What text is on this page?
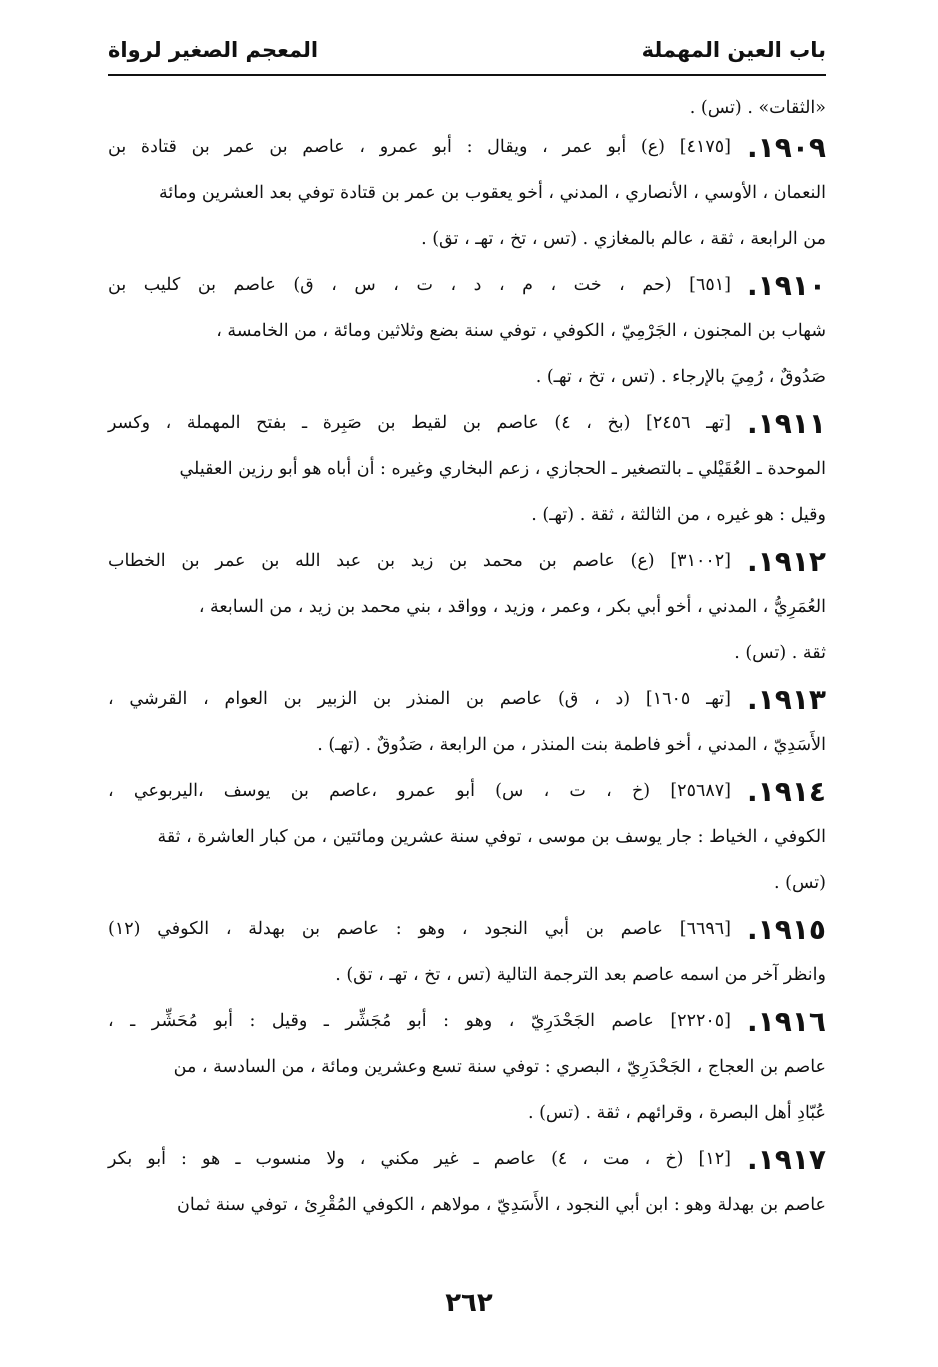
باب العين المهملة
المعجم الصغير لرواة
«الثقات» . (تس) .
١٩٠٩.
[٤١٧٥] (ع) أبو عمر ، ويقال : أبو عمرو ، عاصم بن عمر بن قتادة بن
النعمان ، الأوسي ، الأنصاري ، المدني ، أخو يعقوب بن عمر بن قتادة توفي بعد العشرين ومائة
من الرابعة ، ثقة ، عالم بالمغازي . (تس ، تخ ، تهـ ، تق) .
١٩١٠.
[٦٥١] (حم ، خت ، م ، د ، ت ، س ، ق) عاصم بن كليب بن
شهاب بن المجنون ، الجَرْمِيّ ، الكوفي ، توفي سنة بضع وثلاثين ومائة ، من الخامسة ،
صَدُوقٌ ، رُمِيَ بالإرجاء . (تس ، تخ ، تهـ) .
١٩١١.
[تهـ ٢٤٥٦] (بخ ، ٤) عاصم بن لقيط بن صَبِرة ـ بفتح المهملة ، وكسر
الموحدة ـ العُقَيْلي ـ بالتصغير ـ الحجازي ، زعم البخاري وغيره : أن أباه هو أبو رزين العقيلي
وقيل : هو غيره ، من الثالثة ، ثقة . (تهـ) .
١٩١٢.
[٣١٠٠٢] (ع) عاصم بن محمد بن زيد بن عبد الله بن عمر بن الخطاب
العُمَرِيُّ ، المدني ، أخو أبي بكر ، وعمر ، وزيد ، وواقد ، بني محمد بن زيد ، من السابعة ،
ثقة . (تس) .
١٩١٣.
[تهـ ١٦٠٥] (د ، ق) عاصم بن المنذر بن الزبير بن العوام ، القرشي ،
الأَسَدِيّ ، المدني ، أخو فاطمة بنت المنذر ، من الرابعة ، صَدُوقٌ . (تهـ) .
١٩١٤.
[٢٥٦٨٧] (خ ، ت ، س) أبو عمرو ،عاصم بن يوسف ،اليربوعي ،
الكوفي ، الخياط : جار يوسف بن موسى ، توفي سنة عشرين ومائتين ، من كبار العاشرة ، ثقة
(تس) .
١٩١٥.
[٦٦٩٦] عاصم بن أبي النجود ، وهو : عاصم بن بهدلة ، الكوفي (١٢)
وانظر آخر من اسمه عاصم بعد الترجمة التالية (تس ، تخ ، تهـ ، تق) .
١٩١٦.
[٢٢٢٠٥] عاصم الجَحْدَرِيّ ، وهو : أبو مُجَشِّر ـ وقيل : أبو مُحَشِّر ـ ،
عاصم بن العجاج ، الجَحْدَرِيّ ، البصري : توفي سنة تسع وعشرين ومائة ، من السادسة ، من
عُبّادِ أهل البصرة ، وقرائهم ، ثقة . (تس) .
١٩١٧.
[١٢] (خ ، مت ، ٤) عاصم ـ غير مكني ، ولا منسوب ـ هو : أبو بكر
عاصم بن بهدلة وهو : ابن أبي النجود ، الأَسَدِيّ ، مولاهم ، الكوفي المُقْرِئ ، توفي سنة ثمان
٢٦٢
